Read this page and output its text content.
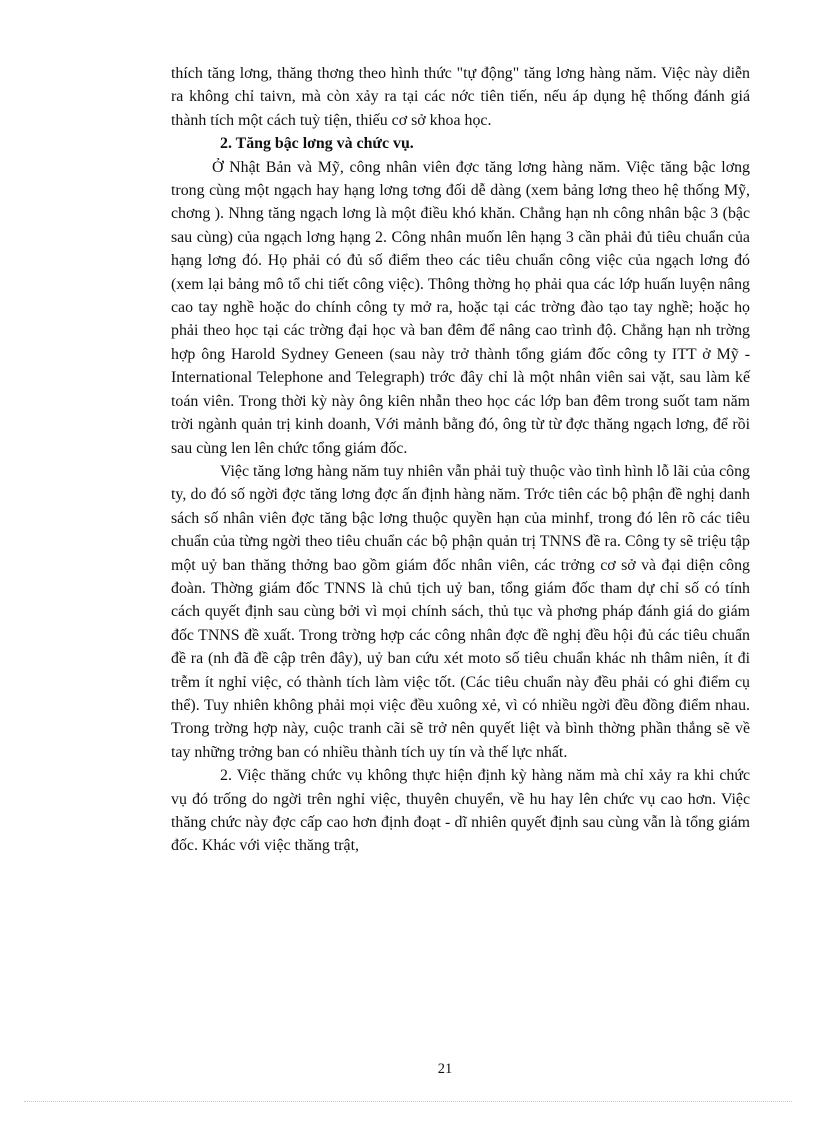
thích tăng lơng, thăng thơng theo hình thức "tự động" tăng lơng hàng năm. Việc này diễn ra không chỉ taivn, mà còn xảy ra tại các nớc tiên tiến, nếu áp dụng hệ thống đánh giá thành tích một cách tuỳ tiện, thiếu cơ sở khoa học.

2. Tăng bậc lơng và chức vụ.

Ở Nhật Bản và Mỹ, công nhân viên đợc tăng lơng hàng năm. Việc tăng bậc lơng trong cùng một ngạch hay hạng lơng tơng đối dễ dàng (xem bảng lơng theo hệ thống Mỹ, chơng ). Nhng tăng ngạch lơng là một điều khó khăn. Chẳng hạn nh công nhân bậc 3 (bậc sau cùng) của ngạch lơng hạng 2. Công nhân muốn lên hạng 3 cần phải đủ tiêu chuẩn của hạng lơng đó. Họ phải có đủ số điểm theo các tiêu chuẩn công việc của ngạch lơng đó (xem lại bảng mô tổ chi tiết công việc). Thông thờng họ phải qua các lớp huấn luyện nâng cao tay nghề hoặc do chính công ty mở ra, hoặc tại các trờng đào tạo tay nghề; hoặc họ phải theo học tại các trờng đại học và ban đêm để nâng cao trình độ. Chẳng hạn nh trờng hợp ông Harold Sydney Geneen (sau này trở thành tổng giám đốc công ty ITT ở Mỹ - International Telephone and Telegraph) trớc đây chỉ là một nhân viên sai vặt, sau làm kế toán viên. Trong thời kỳ này ông kiên nhẫn theo học các lớp ban đêm trong suốt tam năm trời ngành quản trị kinh doanh, Với mảnh bằng đó, ông từ từ đợc thăng ngạch lơng, để rồi sau cùng len lên chức tổng giám đốc.

Việc tăng lơng hàng năm tuy nhiên vẫn phải tuỳ thuộc vào tình hình lỗ lãi của công ty, do đó số ngời đợc tăng lơng đợc ấn định hàng năm. Trớc tiên các bộ phận đề nghị danh sách số nhân viên đợc tăng bậc lơng thuộc quyền hạn của minhf, trong đó lên rõ các tiêu chuẩn của từng ngời theo tiêu chuẩn các bộ phận quản trị TNNS đề ra. Công ty sẽ triệu tập một uỷ ban thăng thởng bao gồm giám đốc nhân viên, các trởng cơ sở và đại diện công đoàn. Thờng giám đốc TNNS là chủ tịch uỷ ban, tổng giám đốc tham dự chỉ số có tính cách quyết định sau cùng bởi vì mọi chính sách, thủ tục và phơng pháp đánh giá do giám đốc TNNS đề xuất. Trong trờng hợp các công nhân đợc đề nghị đều hội đủ các tiêu chuẩn đề ra (nh đã đề cập trên đây), uỷ ban cứu xét moto số tiêu chuẩn khác nh thâm niên, ít đi trễm ít nghỉ việc, có thành tích làm việc tốt. (Các tiêu chuẩn này đều phải có ghi điểm cụ thể). Tuy nhiên không phải mọi việc đều xuông xẻ, vì có nhiều ngời đều đồng điểm nhau. Trong trờng hợp này, cuộc tranh cãi sẽ trở nên quyết liệt và bình thờng phần thắng sẽ về tay những trởng ban có nhiều thành tích uy tín và thế lực nhất.

2. Việc thăng chức vụ không thực hiện định kỳ hàng năm mà chỉ xảy ra khi chức vụ đó trống do ngời trên nghỉ việc, thuyên chuyển, về hu hay lên chức vụ cao hơn. Việc thăng chức này đợc cấp cao hơn định đoạt - dĩ nhiên quyết định sau cùng vẫn là tổng giám đốc. Khác với việc thăng trật,

21
